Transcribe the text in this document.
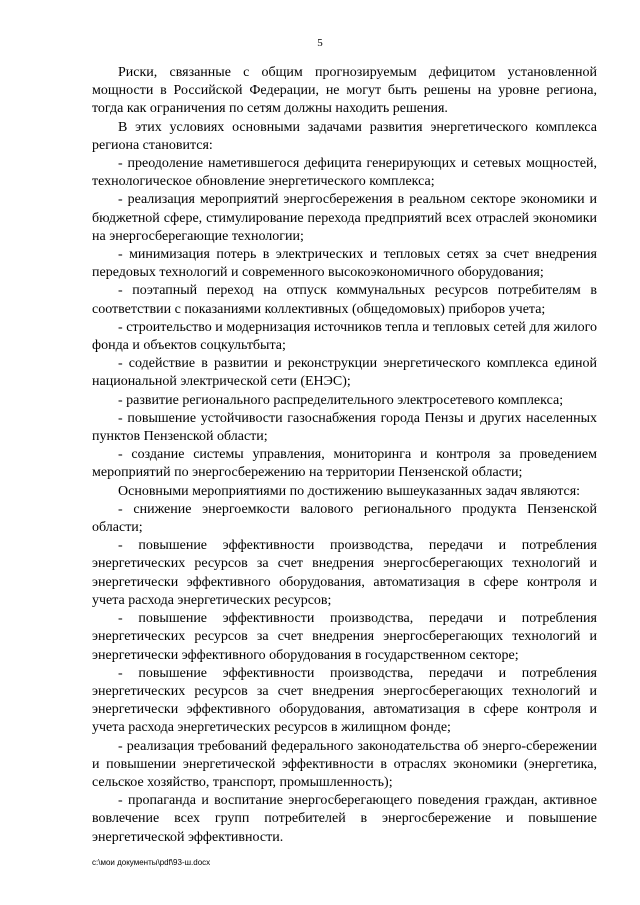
5

Риски, связанные с общим прогнозируемым дефицитом установленной мощности в Российской Федерации, не могут быть решены на уровне региона, тогда как ограничения по сетям должны находить решения.

В этих условиях основными задачами развития энергетического комплекса региона становится:

- преодоление наметившегося дефицита генерирующих и сетевых мощностей, технологическое обновление энергетического комплекса;

- реализация мероприятий энергосбережения в реальном секторе экономики и бюджетной сфере, стимулирование перехода предприятий всех отраслей экономики на энергосберегающие технологии;

- минимизация потерь в электрических и тепловых сетях за счет внедрения передовых технологий и современного высокоэкономичного оборудования;

- поэтапный переход на отпуск коммунальных ресурсов потребителям в соответствии с показаниями коллективных (общедомовых) приборов учета;

- строительство и модернизация источников тепла и тепловых сетей для жилого фонда и объектов соцкультбыта;

- содействие в развитии и реконструкции энергетического комплекса единой национальной электрической сети (ЕНЭС);

- развитие регионального распределительного электросетевого комплекса;

- повышение устойчивости газоснабжения города Пензы и других населенных пунктов Пензенской области;

- создание системы управления, мониторинга и контроля за проведением мероприятий по энергосбережению на территории Пензенской области;

Основными мероприятиями по достижению вышеуказанных задач являются:

- снижение энергоемкости валового регионального продукта Пензенской области;

- повышение эффективности производства, передачи и потребления энергетических ресурсов за счет внедрения энергосберегающих технологий и энергетически эффективного оборудования, автоматизация в сфере контроля и учета расхода энергетических ресурсов;

- повышение эффективности производства, передачи и потребления энергетических ресурсов за счет внедрения энергосберегающих технологий и энергетически эффективного оборудования в государственном секторе;

- повышение эффективности производства, передачи и потребления энергетических ресурсов за счет внедрения энергосберегающих технологий и энергетически эффективного оборудования, автоматизация в сфере контроля и учета расхода энергетических ресурсов в жилищном фонде;

- реализация требований федерального законодательства об энерго-сбережении и повышении энергетической эффективности в отраслях экономики (энергетика, сельское хозяйство, транспорт, промышленность);

- пропаганда и воспитание энергосберегающего поведения граждан, активное вовлечение всех групп потребителей в энергосбережение и повышение энергетической эффективности.

c:\мои документы\pdf\93-ш.docx
